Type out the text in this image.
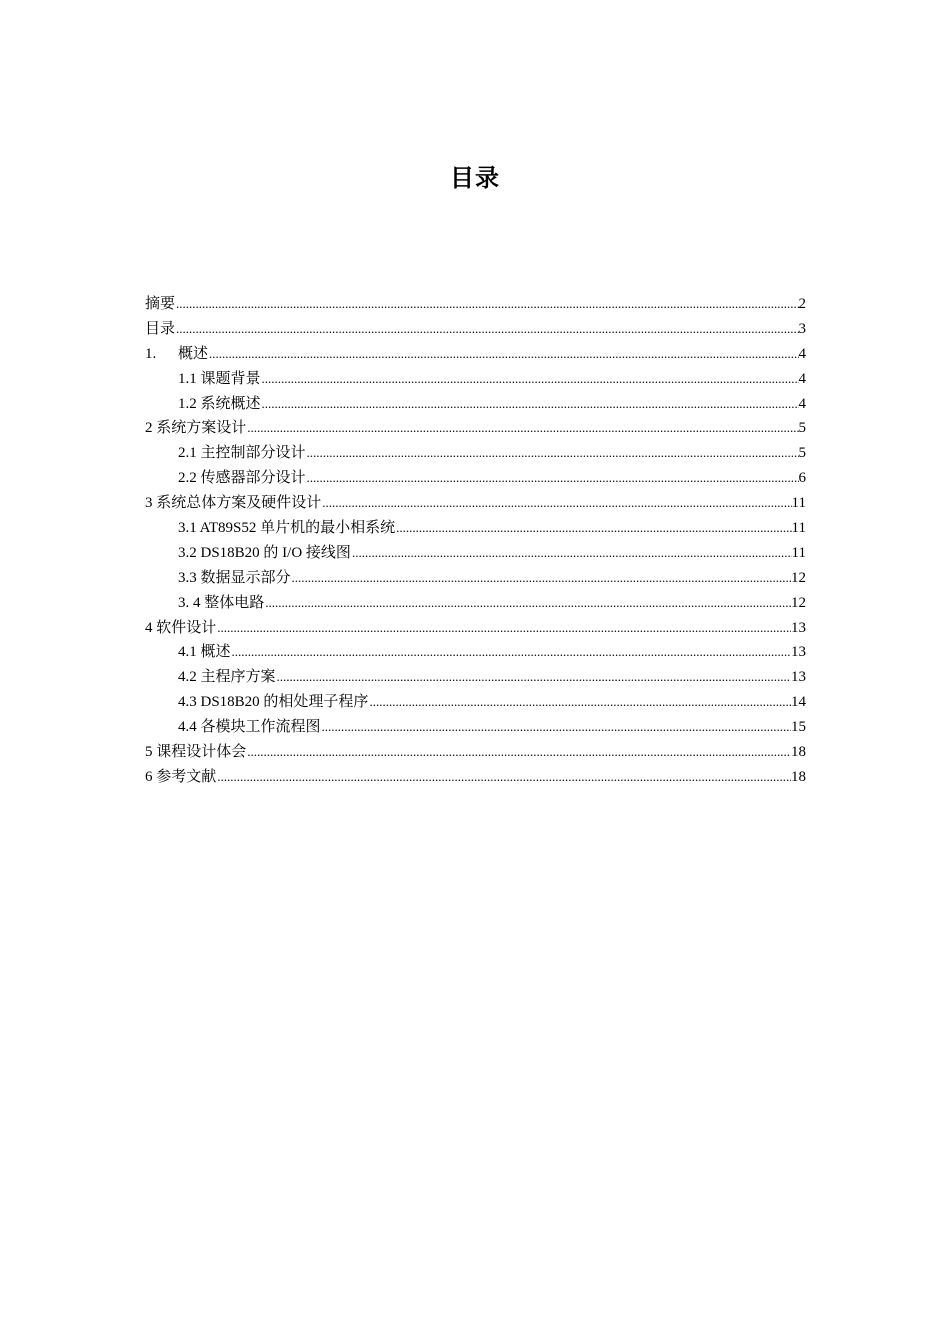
目录
摘要 .....	2
目录 .....	3
1. 概述 .....	4
1.1 课题背景 .....	4
1.2 系统概述 .....	4
2 系统方案设计 .....	5
2.1 主控制部分设计 .....	5
2.2 传感器部分设计 .....	6
3 系统总体方案及硬件设计 .....	11
3.1 AT89S52 单片机的最小相系统 .....	11
3.2 DS18B20 的 I/O 接线图 .....	11
3.3 数据显示部分 .....	12
3. 4 整体电路 .....	12
4 软件设计 .....	13
4.1 概述 .....	13
4.2 主程序方案 .....	13
4.3 DS18B20 的相处理子程序 .....	14
4.4 各模块工作流程图 .....	15
5 课程设计体会 .....	18
6 参考文献 .....	18
